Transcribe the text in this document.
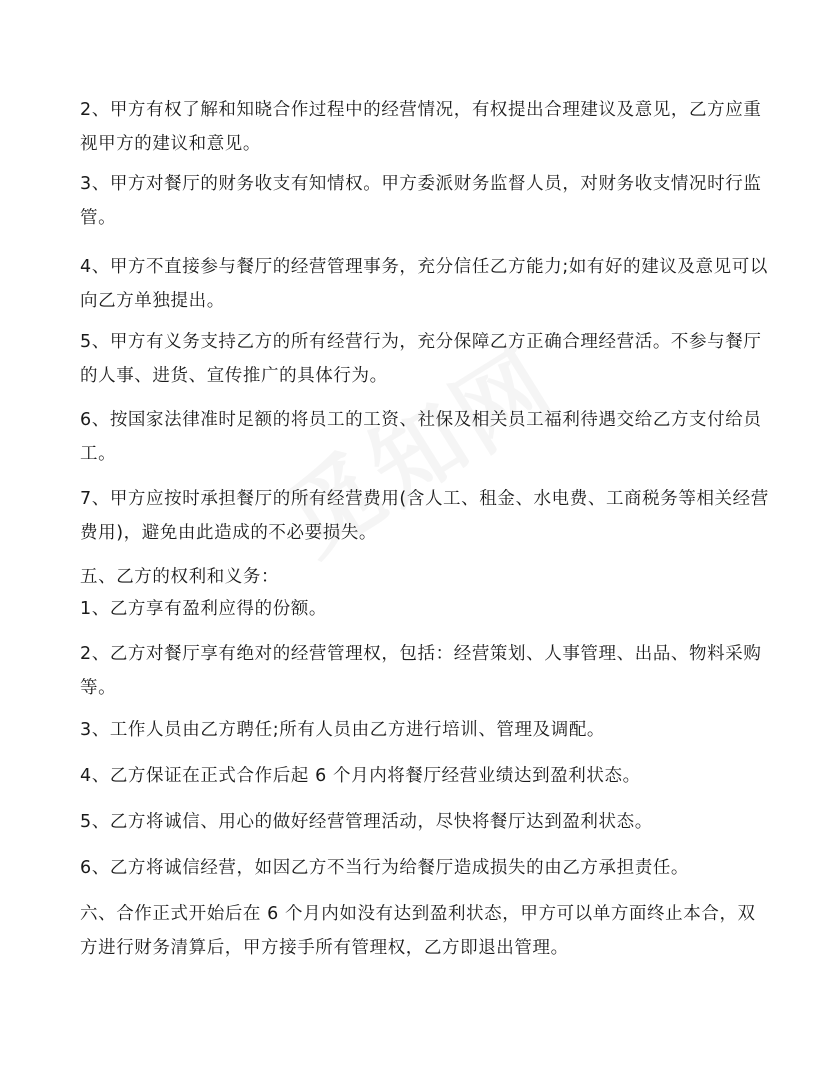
2、甲方有权了解和知晓合作过程中的经营情况，有权提出合理建议及意见，乙方应重视甲方的建议和意见。

3、甲方对餐厅的财务收支有知情权。甲方委派财务监督人员，对财务收支情况时行监管。

4、甲方不直接参与餐厅的经营管理事务，充分信任乙方能力;如有好的建议及意见可以向乙方单独提出。

5、甲方有义务支持乙方的所有经营行为，充分保障乙方正确合理经营活。不参与餐厅的人事、进货、宣传推广的具体行为。

6、按国家法律准时足额的将员工的工资、社保及相关员工福利待遇交给乙方支付给员工。

7、甲方应按时承担餐厅的所有经营费用(含人工、租金、水电费、工商税务等相关经营费用)，避免由此造成的不必要损失。

五、乙方的权利和义务：

1、乙方享有盈利应得的份额。

2、乙方对餐厅享有绝对的经营管理权，包括：经营策划、人事管理、出品、物料采购等。

3、工作人员由乙方聘任;所有人员由乙方进行培训、管理及调配。

4、乙方保证在正式合作后起 6 个月内将餐厅经营业绩达到盈利状态。

5、乙方将诚信、用心的做好经营管理活动，尽快将餐厅达到盈利状态。

6、乙方将诚信经营，如因乙方不当行为给餐厅造成损失的由乙方承担责任。

六、合作正式开始后在 6 个月内如没有达到盈利状态，甲方可以单方面终止本合，双方进行财务清算后，甲方接手所有管理权，乙方即退出管理。
